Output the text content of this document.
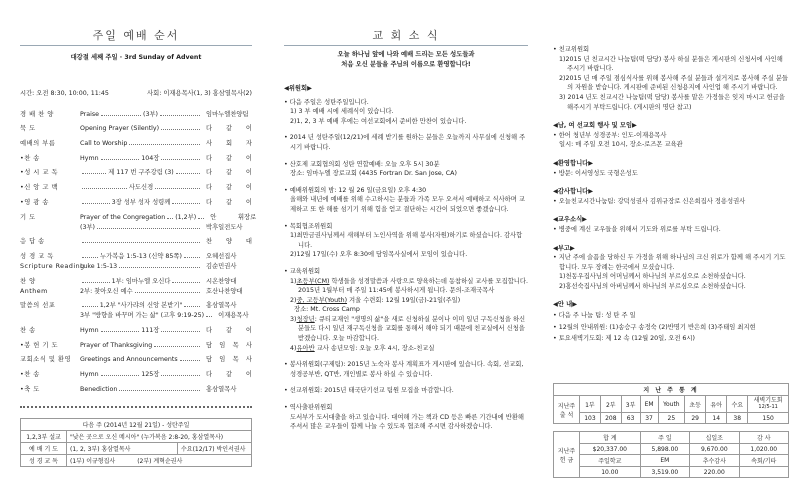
주일 예배 순서
대강절 세째 주일 · 3rd Sunday of Advent
시간: 오전 8:30, 10:00, 11:45	사회: 이재용목사(1, 3) 홍삼열목사(2)
경 배 찬 양	Praise	(3부)	임마누엘찬양팀
묵 도	Opening Prayer (Silently)	다 같 이
예배의 부름	Call to Worship	사 회 자
•찬 송	Hymn	104장	다 같 이
•성 시 교 독	제 117 번 구주강림 (3)	다 같 이
•신 앙 고 백	사도신경	다 같 이
•영 광 송	3장 성부 성자 성령께	다 같 이
기 도	Prayer of the Congregation (1,2부) 안 휘장로
(3부)	박후일전도사
응 답 송	찬 양 대
성 경 교 독	누가복음 1:5-13 (신약 85쪽)	오혜선집사
Scripture Reading
Luke 1:5-13	김순민권사
찬 양	1부: 임마누엘 오신다	시온찬양대
Anthem	2부: 찾아오신 예수	호산나찬양대
말씀의 선포	1,2부 "사가랴의 신앙 본받기"	홍삼열목사
3부 "방향을 바꾸며 가는 삶" (고후 9:19-25) 이재용목사
찬 송	Hymn	111장	다 같 이
•봉 헌 기 도	Prayer of Thanksgiving	담 임 목 사
교회소식 및 환영	Greetings and Announcements	담 임 목 사
•찬 송	Hymn	125장	다 같 이
•축 도	Benediction	홍삼열목사
다음 주 (2014년 12월 21일) - 성탄주일		
1,2,3부 설교	"낮은 곳으로 오신 메시아" (누가복음 2:8-20, 홍삼열목사)	
예 배 기 도	(1, 2, 3부) 홍삼열목사	수요(12/17) 박인서권사
성 경 교 독	(1부) 이규형집사 (2부) 계혁순권사	
교 회 소 식
오늘 하나님 앞에 나와 예배 드리는 모든 성도들과
처음 오신 분들을 주님의 이름으로 환영합니다!
◀위원회▶
• 다음 주일은 성탄주일입니다.
1) 3 부 예배 시에 세례식이 있습니다.
2)1, 2, 3 부 예배 후에는 여선교회에서 준비한 만찬이 있습니다.
• 2014 년 성탄주일(12/21)에 세례 받기를 원하는 분들은 오늘까지 사무실에 신청해 주시기 바랍니다.
• 산호제 교회협의회 성탄 연합예배: 오늘 오후 5시 30분
장소: 임마누엘 장로교회 (4435 Fortran Dr. San Jose, CA)
• 예배위원회의 밤: 12 월 26 일(금요일) 오후 4:30
올해와 내년에 예배를 위해 수고하시는 분들과 가족 모두 오셔서 예배하고 식사하며 교제하고 또 한 해를 섬기기 위해 힘을 얻고 결단하는 시간이 되었으면 좋겠습니다.
• 목회협조위원회
1)최만금권사님께서 새해부터 노인사역을 위해 봉사(자원)하기로 하셨습니다. 감사합니다.
2)12월 17일(수) 오후 8:30에 담임목사실에서 모임이 있습니다.
• 교육위원회
1)초등부(CM) 학생들을 성경말씀과 사랑으로 양육하는데 동참하실 교사를 모집합니다. 2015년 1월부터 매 주일 11:45에 봉사하시게 됩니다. 문의-조재국목사
2)중, 고등부(Youth) 겨울 수련회: 12월 19일(금)-21일(주일)
장소: Mt. Cross Camp
3)청장년: 큐티교재인 "생명의 삶"을 새로 신청하실 분이나 이미 일년 구독신청을 하신 분들도 다시 일년 재구독신청을 교회를 통해서 해야 되기 때문에 친교실에서 신청을 받겠습니다. 오늘 마감합니다.
4)유아반 교사 송년모임: 오늘 오후 4시, 장소-친교실
• 봉사위원회(구제팀): 2015년 노숙자 봉사 계획표가 게시판에 있습니다. 속회, 선교회, 성경공부반, QT반, 개인별로 봉사 하실 수 있습니다.
• 선교위원회: 2015년 태국단기선교 팀원 모집을 마감합니다.
• 역사출판위원회
도서부가 도서대출을 하고 있습니다. 대여해 가는 책과 CD 등은 빠른 기간내에 반환해 주셔서 많은 교우들이 함께 나눌 수 있도록 협조해 주시면 감사하겠습니다.
• 친교위원회
1)2015 년 친교시간 나눔팀(떡 담당) 봉사 하실 분들은 게시판의 신청서에 사인해 주시기 바랍니다.
2)2015 년 매 주일 점심식사를 위해 봉사해 주실 분들과 설거지로 봉사해 주실 분들의 자원을 받습니다. 게시판에 준비된 신청용지에 사인업 해 주시기 바랍니다.
3) 2014 년도 친교시간 나눔팀(떡 담당) 봉사를 맡은 가정들은 잊지 마시고 헌금을 해주시기 부탁드립니다. (게시판의 명단 참고)
◀남, 여 선교회 행사 및 모임▶
• 한어 청년부 성경공부: 인도-이재용목사
일시: 매 주일 오전 10시, 장소-로즈몬 교육관
◀환영합니다▶
• 방문: 이서영성도 국형은성도
◀감사합니다▶
• 오늘친교시간나눔팀: 강덕성권사 김위규장로 신은희집사 정용성권사
◀교우소식▶
• 병중에 계신 교우들을 위해서 기도와 위로를 부탁 드립니다.
◀부고▶
• 지난 주에 슬픔을 당하신 두 가정을 위해 하나님의 크신 위로가 함께 해 주시기 기도합니다. 모두 장례는 한국에서 모셨습니다.
1)천동우집사님의 어머님께서 하나님의 부르심으로 소천하셨습니다.
2)홍선숙집사님의 아버님께서 하나님의 부르심으로 소천하셨습니다.
◀안 내▶
• 다음 주 나눔 팀: 성 탄 주 일
• 12월의 안내위원: (1)송승구 송정숙 (2)반명기 반은희 (3)주태임 최지현
• 토요새벽기도회: 제 12 속 (12월 20일, 오전 6시)
지 난 주 통 계									
지난주 출 석	1부	2부	3부	EM	Youth	초등	유아	수요	새벽기도회
12/5-11

	103	208	63	37	25	29	14	38	150
지난주 헌 금	합 계	주 일	십일조	감 사
	$20,337.00	5,898.00	9,670.00	1,020.00
	주일학교	EM	추수감사	속회/기타
	10.00	3,519.00	220.00	
